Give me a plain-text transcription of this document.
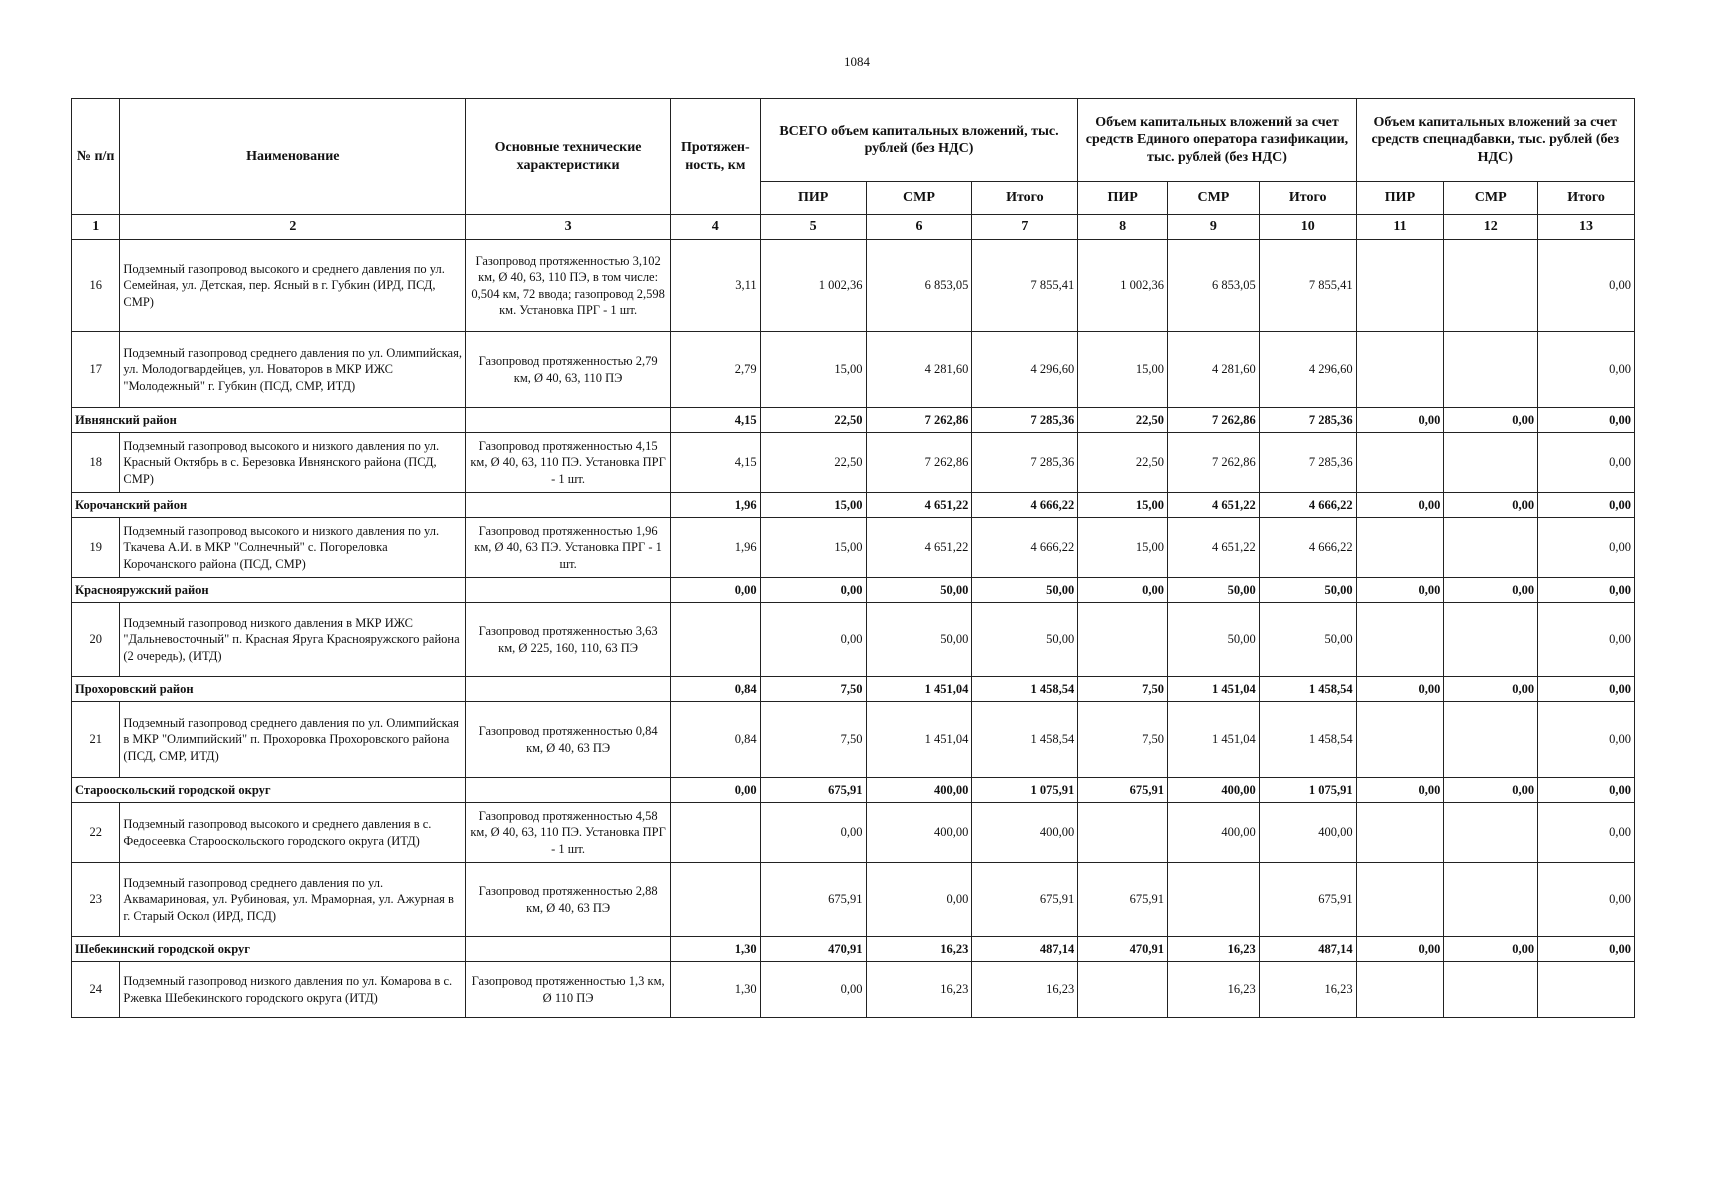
1084
№ п/п	Наименование	Основные технические характеристики	Протяжен-ность, км	ВСЕГО объем капитальных вложений, тыс. рублей (без НДС)			Объем капитальных вложений за счет средств Единого оператора газификации, тыс. рублей (без НДС)			Объем капитальных вложений за счет средств спецнадбавки, тыс. рублей (без НДС)		
				ПИР	СМР	Итого	ПИР	СМР	Итого	ПИР	СМР	Итого
1	2	3	4	5	6	7	8	9	10	11	12	13
16	Подземный газопровод высокого и среднего давления по ул. Семейная, ул. Детская, пер. Ясный в г. Губкин (ИРД, ПСД, СМР)	Газопровод протяженностью 3,102 км, Ø 40, 63, 110 ПЭ, в том числе: 0,504 км, 72 ввода; газопровод 2,598 км. Установка ПРГ - 1 шт.	3,11	1 002,36	6 853,05	7 855,41	1 002,36	6 853,05	7 855,41			0,00
17	Подземный газопровод среднего давления по ул. Олимпийская, ул. Молодогвардейцев, ул. Новаторов в МКР ИЖС "Молодежный" г. Губкин (ПСД, СМР, ИТД)	Газопровод протяженностью 2,79 км, Ø 40, 63, 110 ПЭ	2,79	15,00	4 281,60	4 296,60	15,00	4 281,60	4 296,60			0,00
Ивнянский район			4,15	22,50	7 262,86	7 285,36	22,50	7 262,86	7 285,36	0,00	0,00	0,00
18	Подземный газопровод высокого и низкого давления по ул. Красный Октябрь в с. Березовка Ивнянского района (ПСД, СМР)	Газопровод протяженностью 4,15 км, Ø 40, 63, 110 ПЭ. Установка ПРГ - 1 шт.	4,15	22,50	7 262,86	7 285,36	22,50	7 262,86	7 285,36			0,00
Корочанский район			1,96	15,00	4 651,22	4 666,22	15,00	4 651,22	4 666,22	0,00	0,00	0,00
19	Подземный газопровод высокого и низкого давления по ул. Ткачева А.И. в МКР "Солнечный" с. Погореловка Корочанского района (ПСД, СМР)	Газопровод протяженностью 1,96 км, Ø 40, 63 ПЭ. Установка ПРГ - 1 шт.	1,96	15,00	4 651,22	4 666,22	15,00	4 651,22	4 666,22			0,00
Краснояружский район			0,00	0,00	50,00	50,00	0,00	50,00	50,00	0,00	0,00	0,00
20	Подземный газопровод низкого давления в МКР ИЖС "Дальневосточный" п. Красная Яруга Краснояружского района (2 очередь), (ИТД)	Газопровод протяженностью 3,63 км, Ø 225, 160, 110, 63 ПЭ		0,00	50,00	50,00		50,00	50,00			0,00
Прохоровский район			0,84	7,50	1 451,04	1 458,54	7,50	1 451,04	1 458,54	0,00	0,00	0,00
21	Подземный газопровод среднего давления по ул. Олимпийская в МКР "Олимпийский" п. Прохоровка Прохоровского района (ПСД, СМР, ИТД)	Газопровод протяженностью 0,84 км, Ø 40, 63 ПЭ	0,84	7,50	1 451,04	1 458,54	7,50	1 451,04	1 458,54			0,00
Старооскольский городской округ			0,00	675,91	400,00	1 075,91	675,91	400,00	1 075,91	0,00	0,00	0,00
22	Подземный газопровод высокого и среднего давления в с. Федосеевка Старооскольского городского округа (ИТД)	Газопровод протяженностью 4,58 км, Ø 40, 63, 110 ПЭ. Установка ПРГ - 1 шт.		0,00	400,00	400,00		400,00	400,00			0,00
23	Подземный газопровод среднего давления по ул. Аквамариновая, ул. Рубиновая, ул. Мраморная, ул. Ажурная в г. Старый Оскол (ИРД, ПСД)	Газопровод протяженностью 2,88 км, Ø 40, 63 ПЭ		675,91	0,00	675,91	675,91		675,91			0,00
Шебекинский городской округ			1,30	470,91	16,23	487,14	470,91	16,23	487,14	0,00	0,00	0,00
24	Подземный газопровод низкого давления по ул. Комарова в с. Ржевка Шебекинского городского округа (ИТД)	Газопровод протяженностью 1,3 км, Ø 110 ПЭ	1,30	0,00	16,23	16,23		16,23	16,23			
